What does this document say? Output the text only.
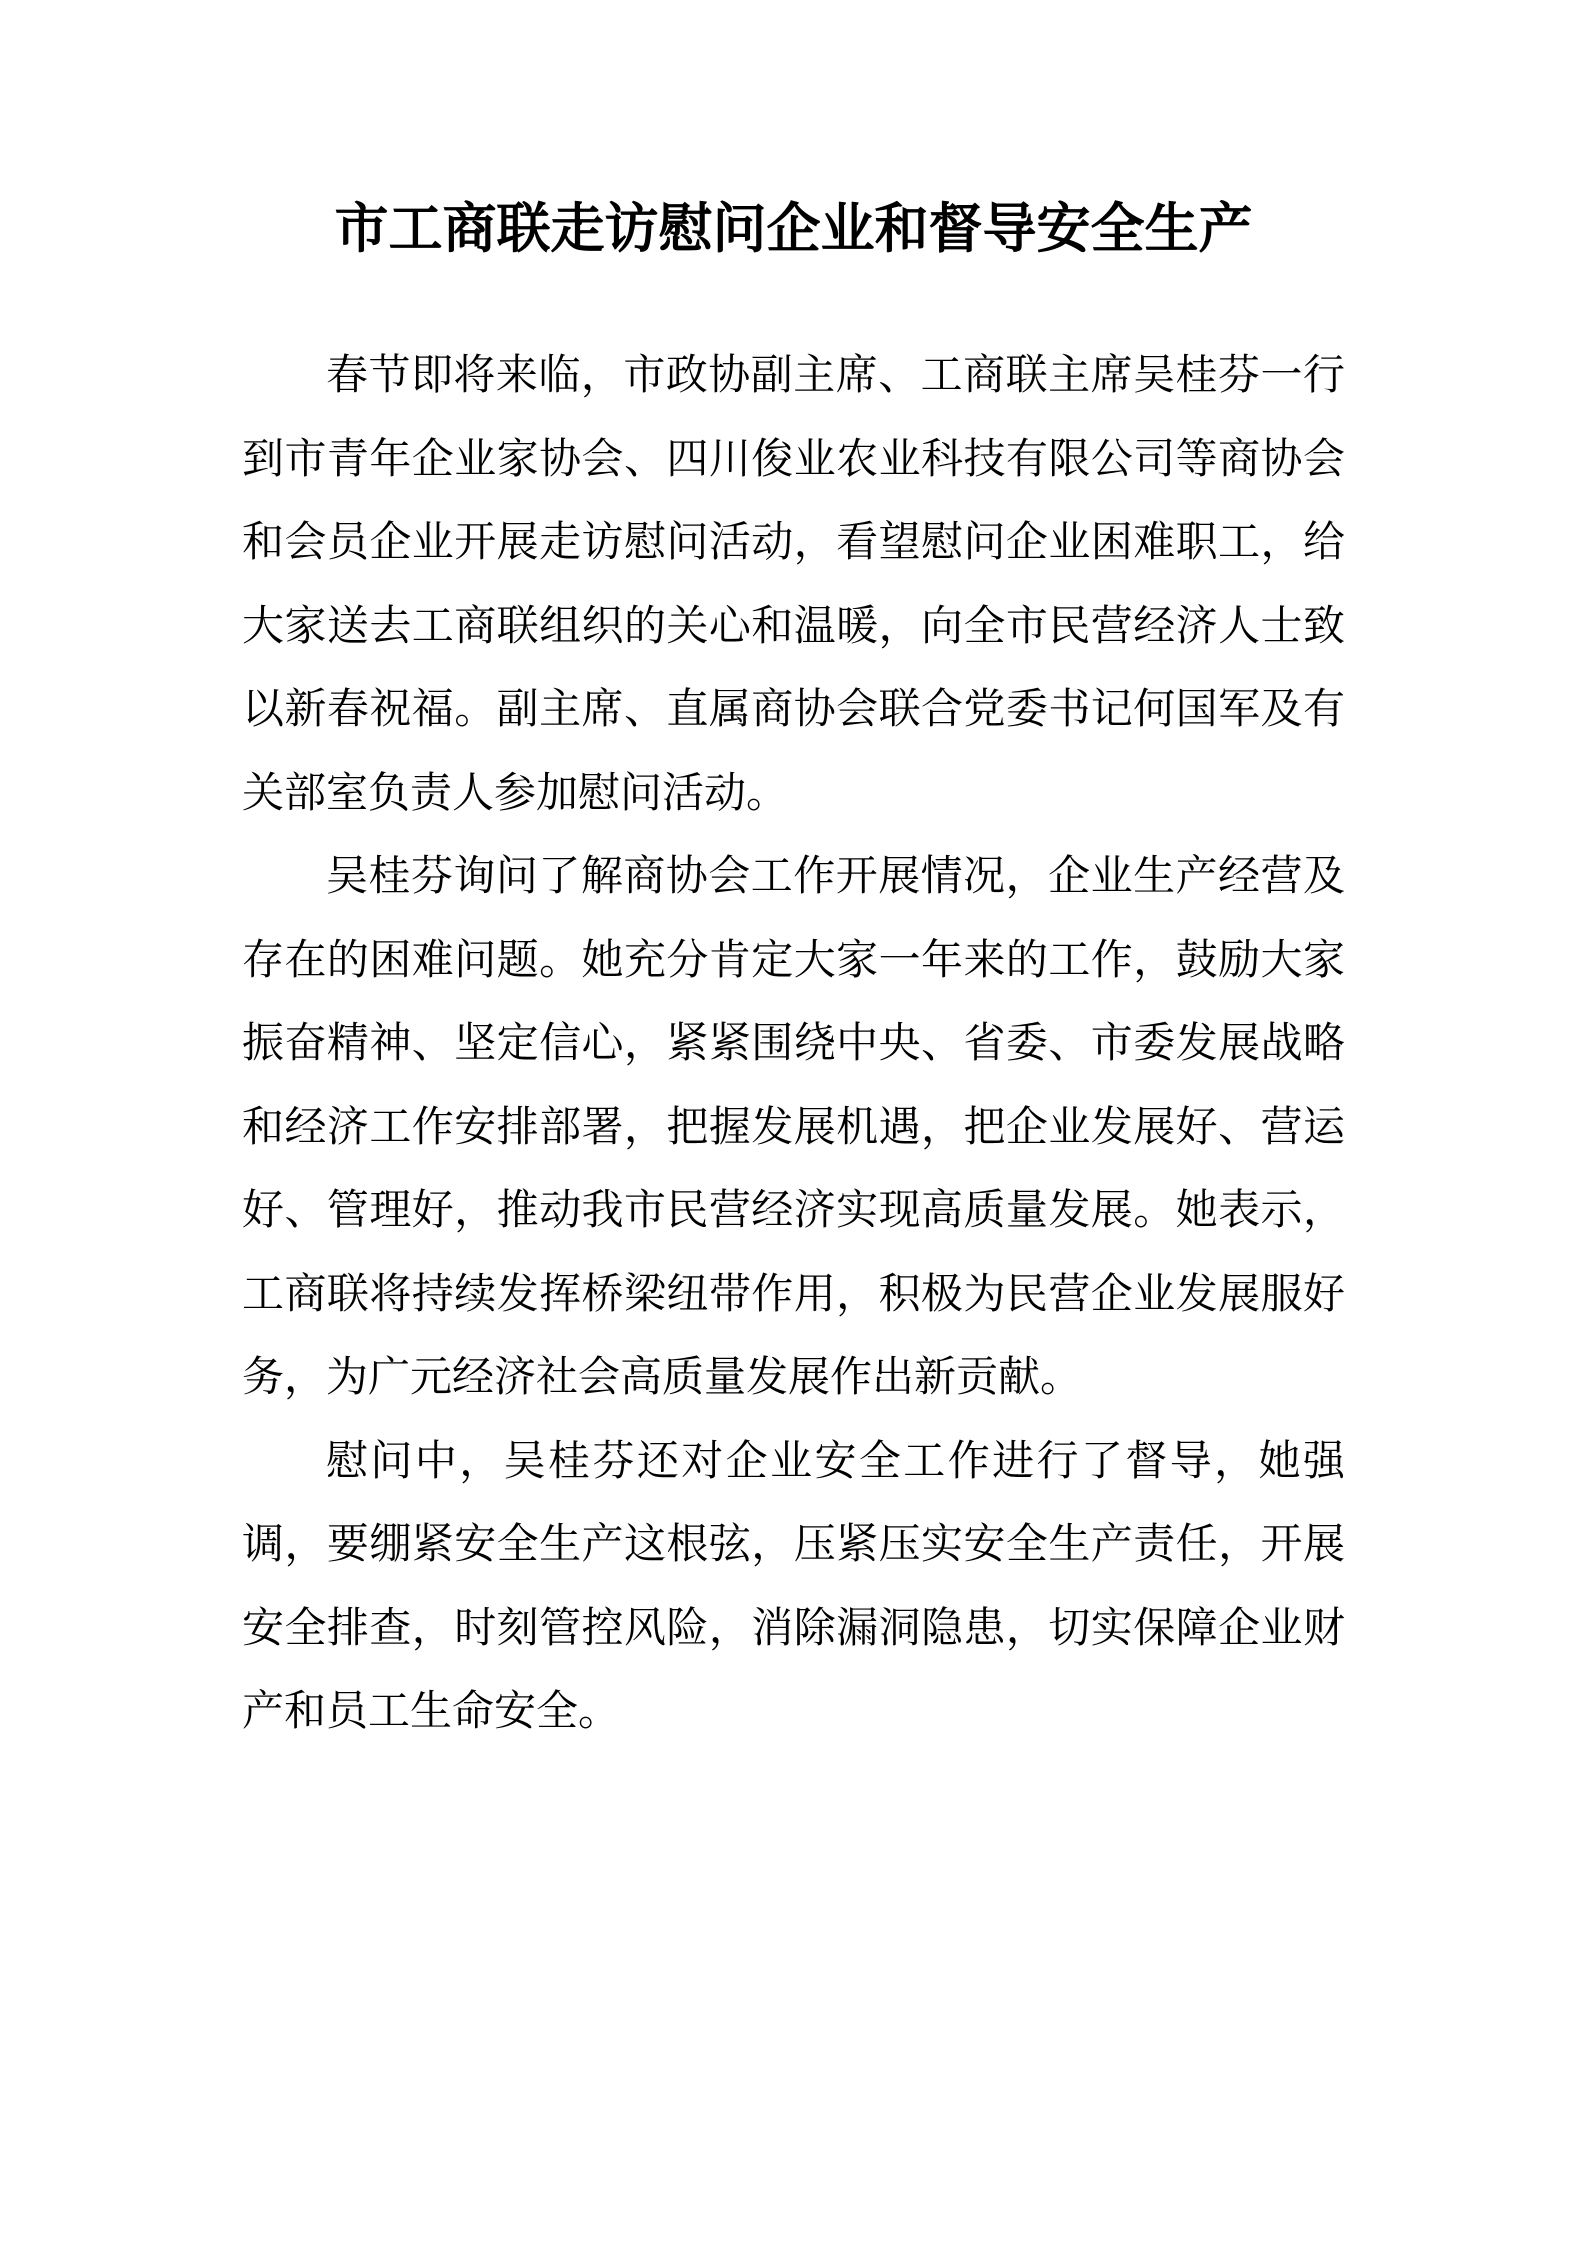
市工商联走访慰问企业和督导安全生产

春节即将来临，市政协副主席、工商联主席吴桂芬一行到市青年企业家协会、四川俊业农业科技有限公司等商协会和会员企业开展走访慰问活动，看望慰问企业困难职工，给大家送去工商联组织的关心和温暖，向全市民营经济人士致以新春祝福。副主席、直属商协会联合党委书记何国军及有关部室负责人参加慰问活动。

吴桂芬询问了解商协会工作开展情况，企业生产经营及存在的困难问题。她充分肯定大家一年来的工作，鼓励大家振奋精神、坚定信心，紧紧围绕中央、省委、市委发展战略和经济工作安排部署，把握发展机遇，把企业发展好、营运好、管理好，推动我市民营经济实现高质量发展。她表示，工商联将持续发挥桥梁纽带作用，积极为民营企业发展服好务，为广元经济社会高质量发展作出新贡献。

慰问中，吴桂芬还对企业安全工作进行了督导，她强调，要绷紧安全生产这根弦，压紧压实安全生产责任，开展安全排查，时刻管控风险，消除漏洞隐患，切实保障企业财产和员工生命安全。
